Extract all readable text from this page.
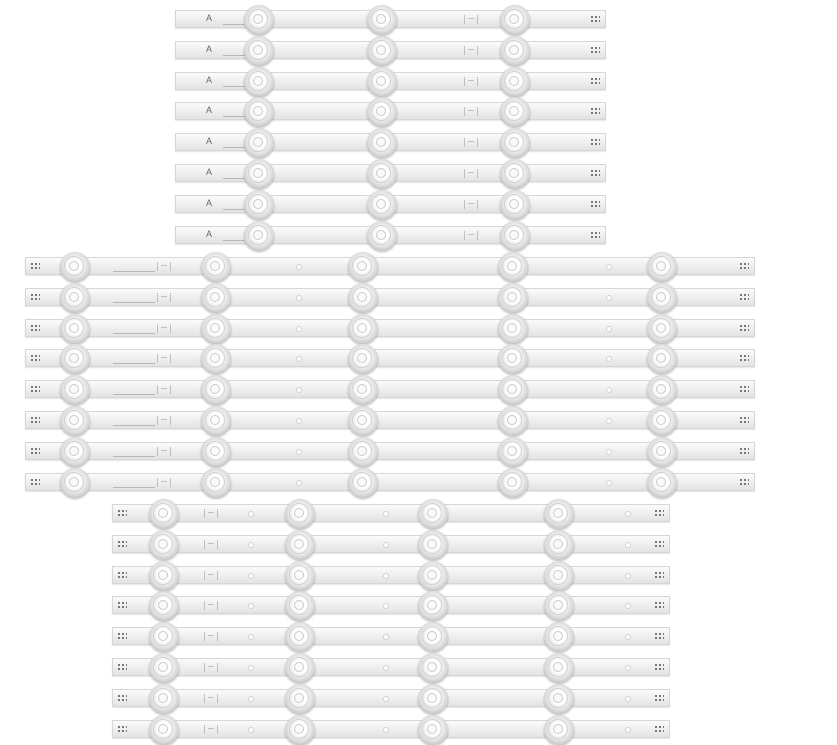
A
A
A
A
A
A
A
A
